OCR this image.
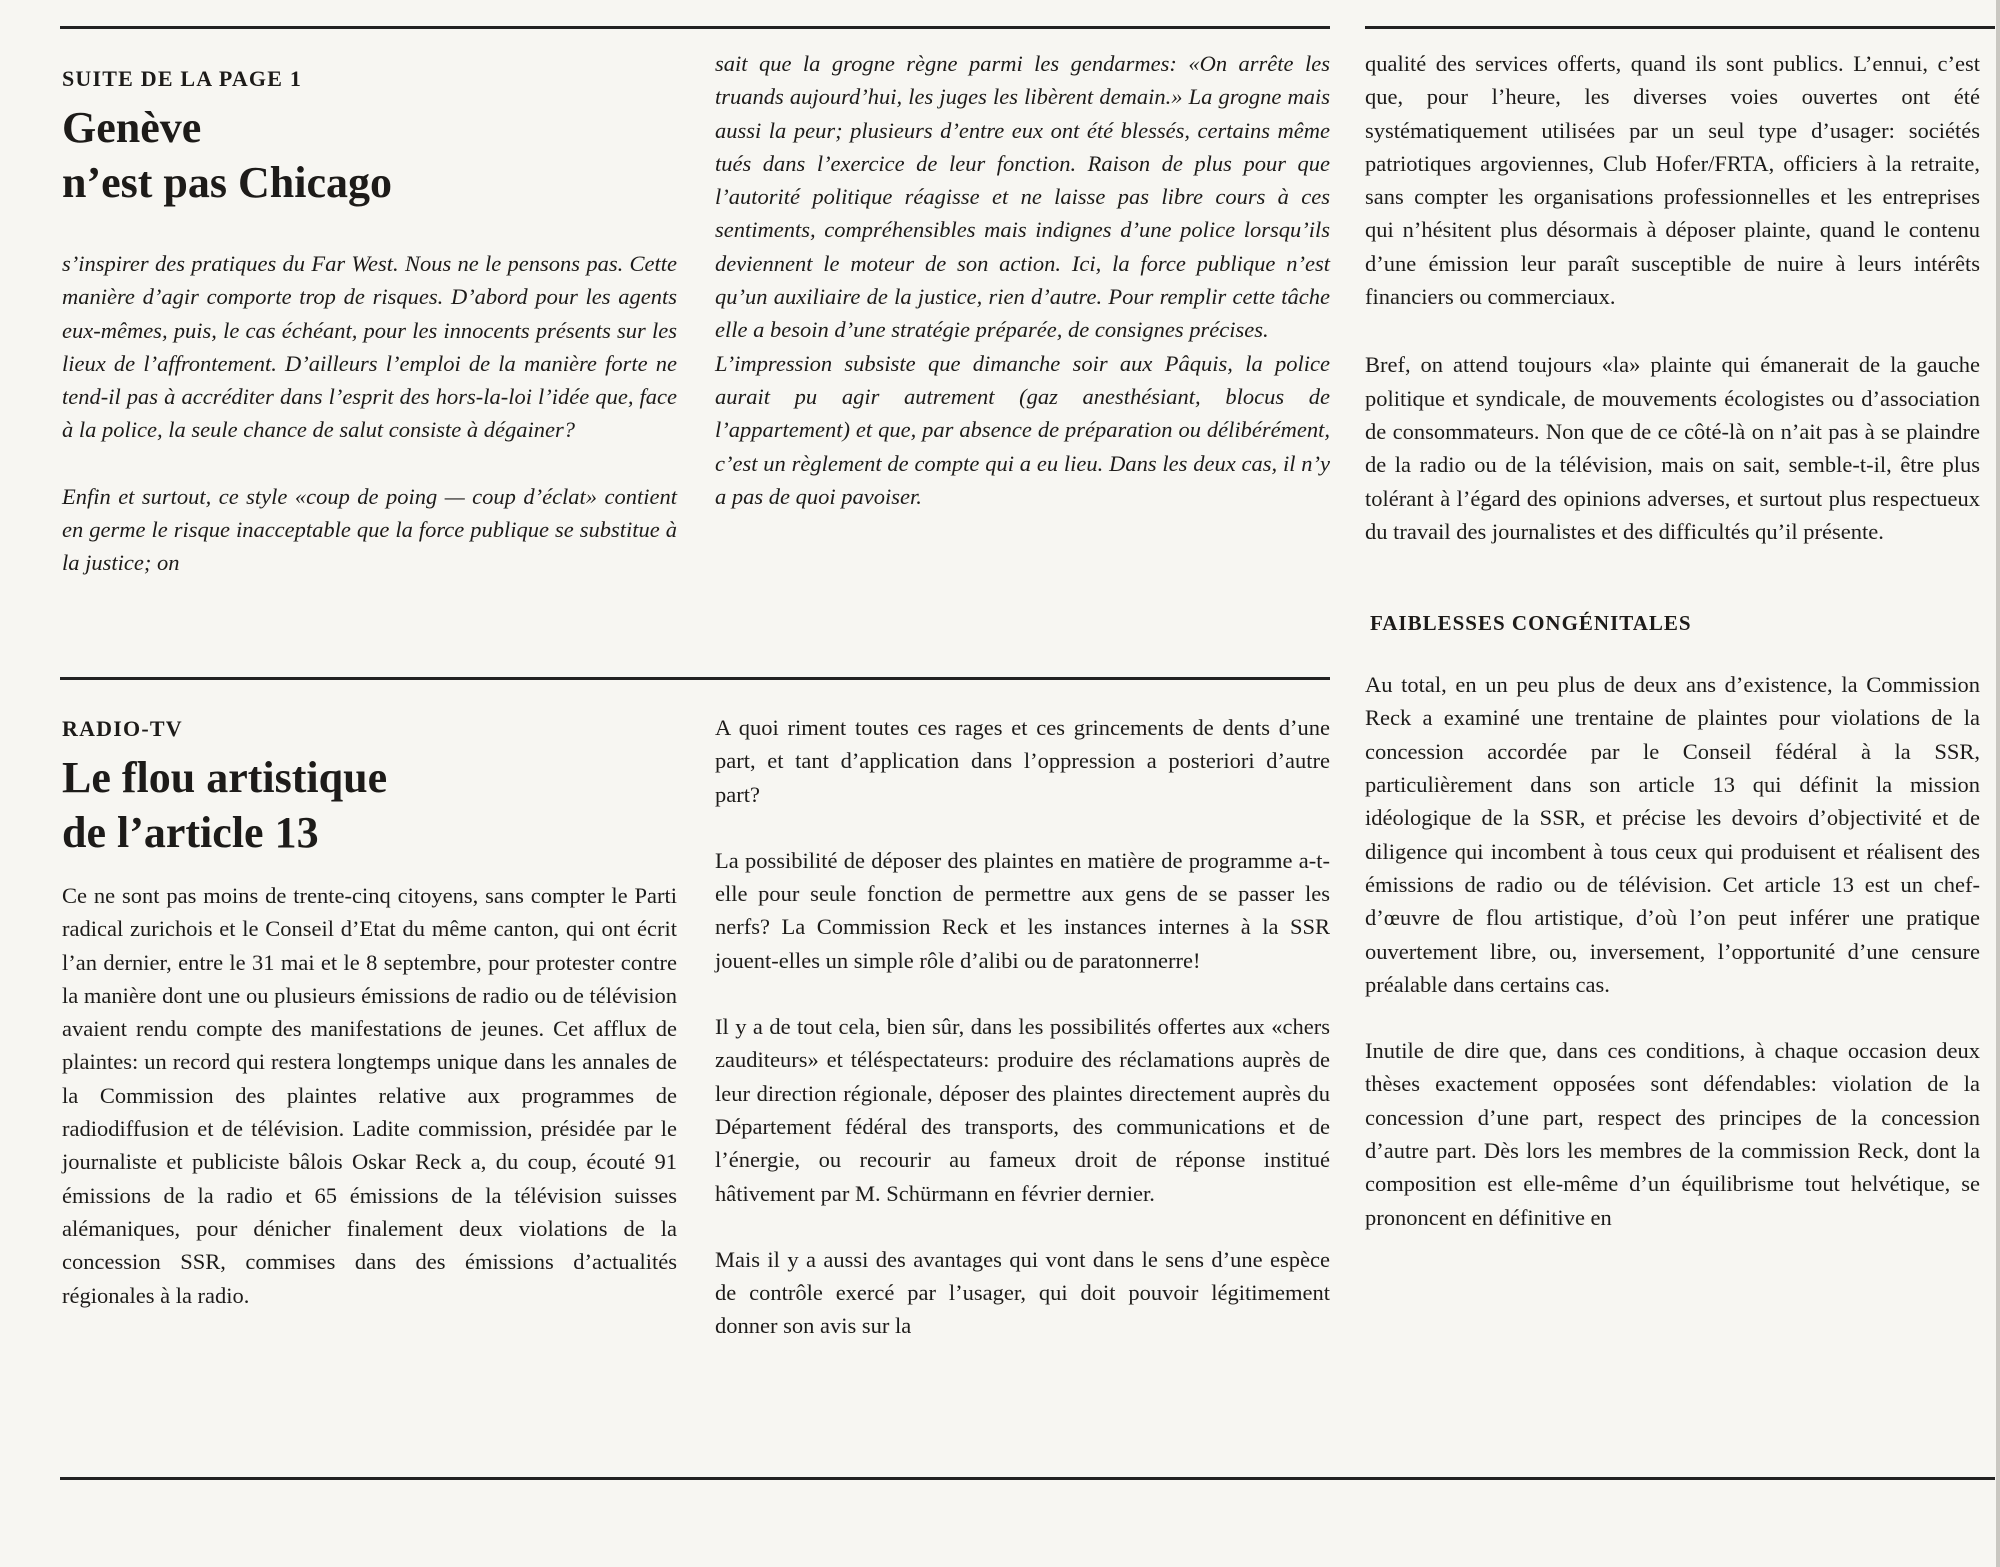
SUITE DE LA PAGE 1

Genève

n’est pas Chicago

s’inspirer des pratiques du Far West. Nous ne le pensons pas. Cette manière d’agir comporte trop de risques. D’abord pour les agents eux-mêmes, puis, le cas échéant, pour les innocents présents sur les lieux de l’affrontement. D’ailleurs l’emploi de la manière forte ne tend-il pas à accréditer dans l’esprit des hors-la-loi l’idée que, face à la police, la seule chance de salut consiste à dégainer?

Enfin et surtout, ce style «coup de poing — coup d’éclat» contient en germe le risque inacceptable que la force publique se substitue à la justice; on

sait que la grogne règne parmi les gendarmes: «On arrête les truands aujourd’hui, les juges les libèrent demain.» La grogne mais aussi la peur; plusieurs d’entre eux ont été blessés, certains même tués dans l’exercice de leur fonction. Raison de plus pour que l’autorité politique réagisse et ne laisse pas libre cours à ces sentiments, compréhensibles mais indignes d’une police lorsqu’ils deviennent le moteur de son action. Ici, la force publique n’est qu’un auxiliaire de la justice, rien d’autre. Pour remplir cette tâche elle a besoin d’une stratégie préparée, de consignes précises.

L’impression subsiste que dimanche soir aux Pâquis, la police aurait pu agir autrement (gaz anesthésiant, blocus de l’appartement) et que, par absence de préparation ou délibérément, c’est un règlement de compte qui a eu lieu. Dans les deux cas, il n’y a pas de quoi pavoiser.

qualité des services offerts, quand ils sont publics. L’ennui, c’est que, pour l’heure, les diverses voies ouvertes ont été systématiquement utilisées par un seul type d’usager: sociétés patriotiques argoviennes, Club Hofer/FRTA, officiers à la retraite, sans compter les organisations professionnelles et les entreprises qui n’hésitent plus désormais à déposer plainte, quand le contenu d’une émission leur paraît susceptible de nuire à leurs intérêts financiers ou commerciaux.

Bref, on attend toujours «la» plainte qui émanerait de la gauche politique et syndicale, de mouvements écologistes ou d’association de consommateurs. Non que de ce côté-là on n’ait pas à se plaindre de la radio ou de la télévision, mais on sait, semble-t-il, être plus tolérant à l’égard des opinions adverses, et surtout plus respectueux du travail des journalistes et des difficultés qu’il présente.

FAIBLESSES CONGÉNITALES

Au total, en un peu plus de deux ans d’existence, la Commission Reck a examiné une trentaine de plaintes pour violations de la concession accordée par le Conseil fédéral à la SSR, particulièrement dans son article 13 qui définit la mission idéologique de la SSR, et précise les devoirs d’objectivité et de diligence qui incombent à tous ceux qui produisent et réalisent des émissions de radio ou de télévision. Cet article 13 est un chef-d’œuvre de flou artistique, d’où l’on peut inférer une pratique ouvertement libre, ou, inversement, l’opportunité d’une censure préalable dans certains cas.

Inutile de dire que, dans ces conditions, à chaque occasion deux thèses exactement opposées sont défendables: violation de la concession d’une part, respect des principes de la concession d’autre part. Dès lors les membres de la commission Reck, dont la composition est elle-même d’un équilibrisme tout helvétique, se prononcent en définitive en

RADIO-TV

Le flou artistique

de l’article 13

Ce ne sont pas moins de trente-cinq citoyens, sans compter le Parti radical zurichois et le Conseil d’Etat du même canton, qui ont écrit l’an dernier, entre le 31 mai et le 8 septembre, pour protester contre la manière dont une ou plusieurs émissions de radio ou de télévision avaient rendu compte des manifestations de jeunes. Cet afflux de plaintes: un record qui restera longtemps unique dans les annales de la Commission des plaintes relative aux programmes de radiodiffusion et de télévision. Ladite commission, présidée par le journaliste et publiciste bâlois Oskar Reck a, du coup, écouté 91 émissions de la radio et 65 émissions de la télévision suisses alémaniques, pour dénicher finalement deux violations de la concession SSR, commises dans des émissions d’actualités régionales à la radio.

A quoi riment toutes ces rages et ces grincements de dents d’une part, et tant d’application dans l’oppression a posteriori d’autre part?

La possibilité de déposer des plaintes en matière de programme a-t-elle pour seule fonction de permettre aux gens de se passer les nerfs? La Commission Reck et les instances internes à la SSR jouent-elles un simple rôle d’alibi ou de paratonnerre!

Il y a de tout cela, bien sûr, dans les possibilités offertes aux «chers zauditeurs» et téléspectateurs: produire des réclamations auprès de leur direction régionale, déposer des plaintes directement auprès du Département fédéral des transports, des communications et de l’énergie, ou recourir au fameux droit de réponse institué hâtivement par M. Schürmann en février dernier.

Mais il y a aussi des avantages qui vont dans le sens d’une espèce de contrôle exercé par l’usager, qui doit pouvoir légitimement donner son avis sur la
